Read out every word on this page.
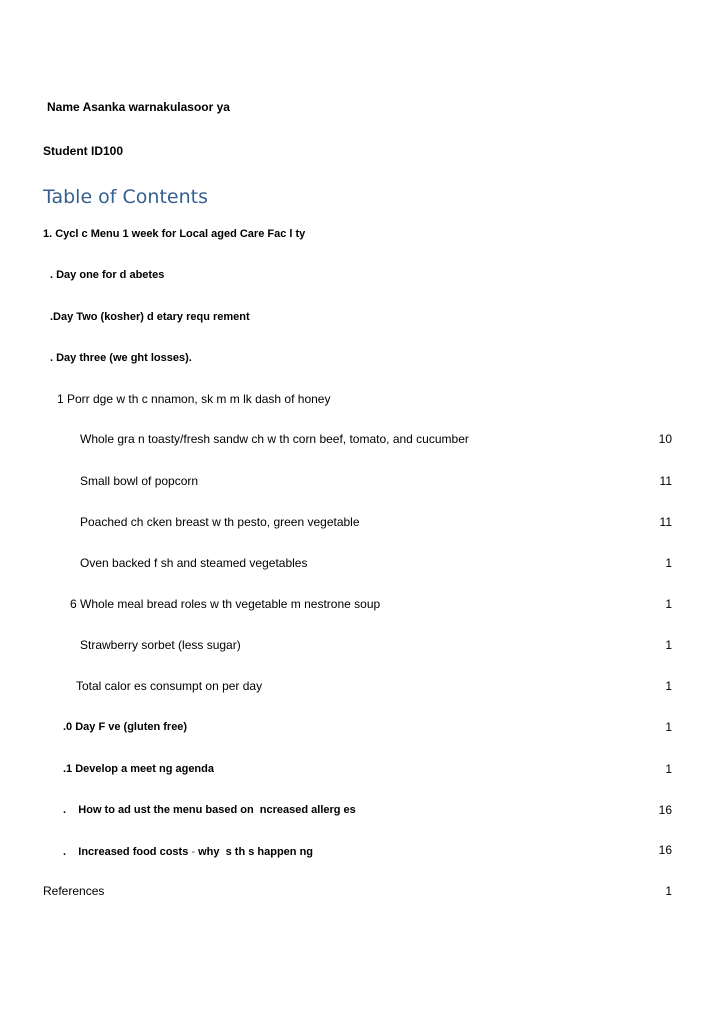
Name Asanka warnakulasoor ya
Student ID100
Table of Contents
1. Cycl c Menu 1 week for Local aged Care Fac l ty
. Day one for d abetes
.Day Two (kosher) d etary requ rement
. Day three (we ght losses).
1 Porr dge w th c nnamon, sk m m lk dash of honey
Whole gra n toasty/fresh sandw ch w th corn beef, tomato, and cucumber	10
Small bowl of popcorn	11
Poached ch cken breast w th pesto, green vegetable	11
Oven backed f sh and steamed vegetables	1
6 Whole meal bread roles w th vegetable m nestrone soup	1
Strawberry sorbet (less sugar)	1
Total calor es consumpt on per day	1
.0 Day F ve (gluten free)	1
.1 Develop a meet ng agenda	1
.    How to ad ust the menu based on  ncreased allerg es	16
.    Increased food costs - why  s th s happen ng	16
References	1
